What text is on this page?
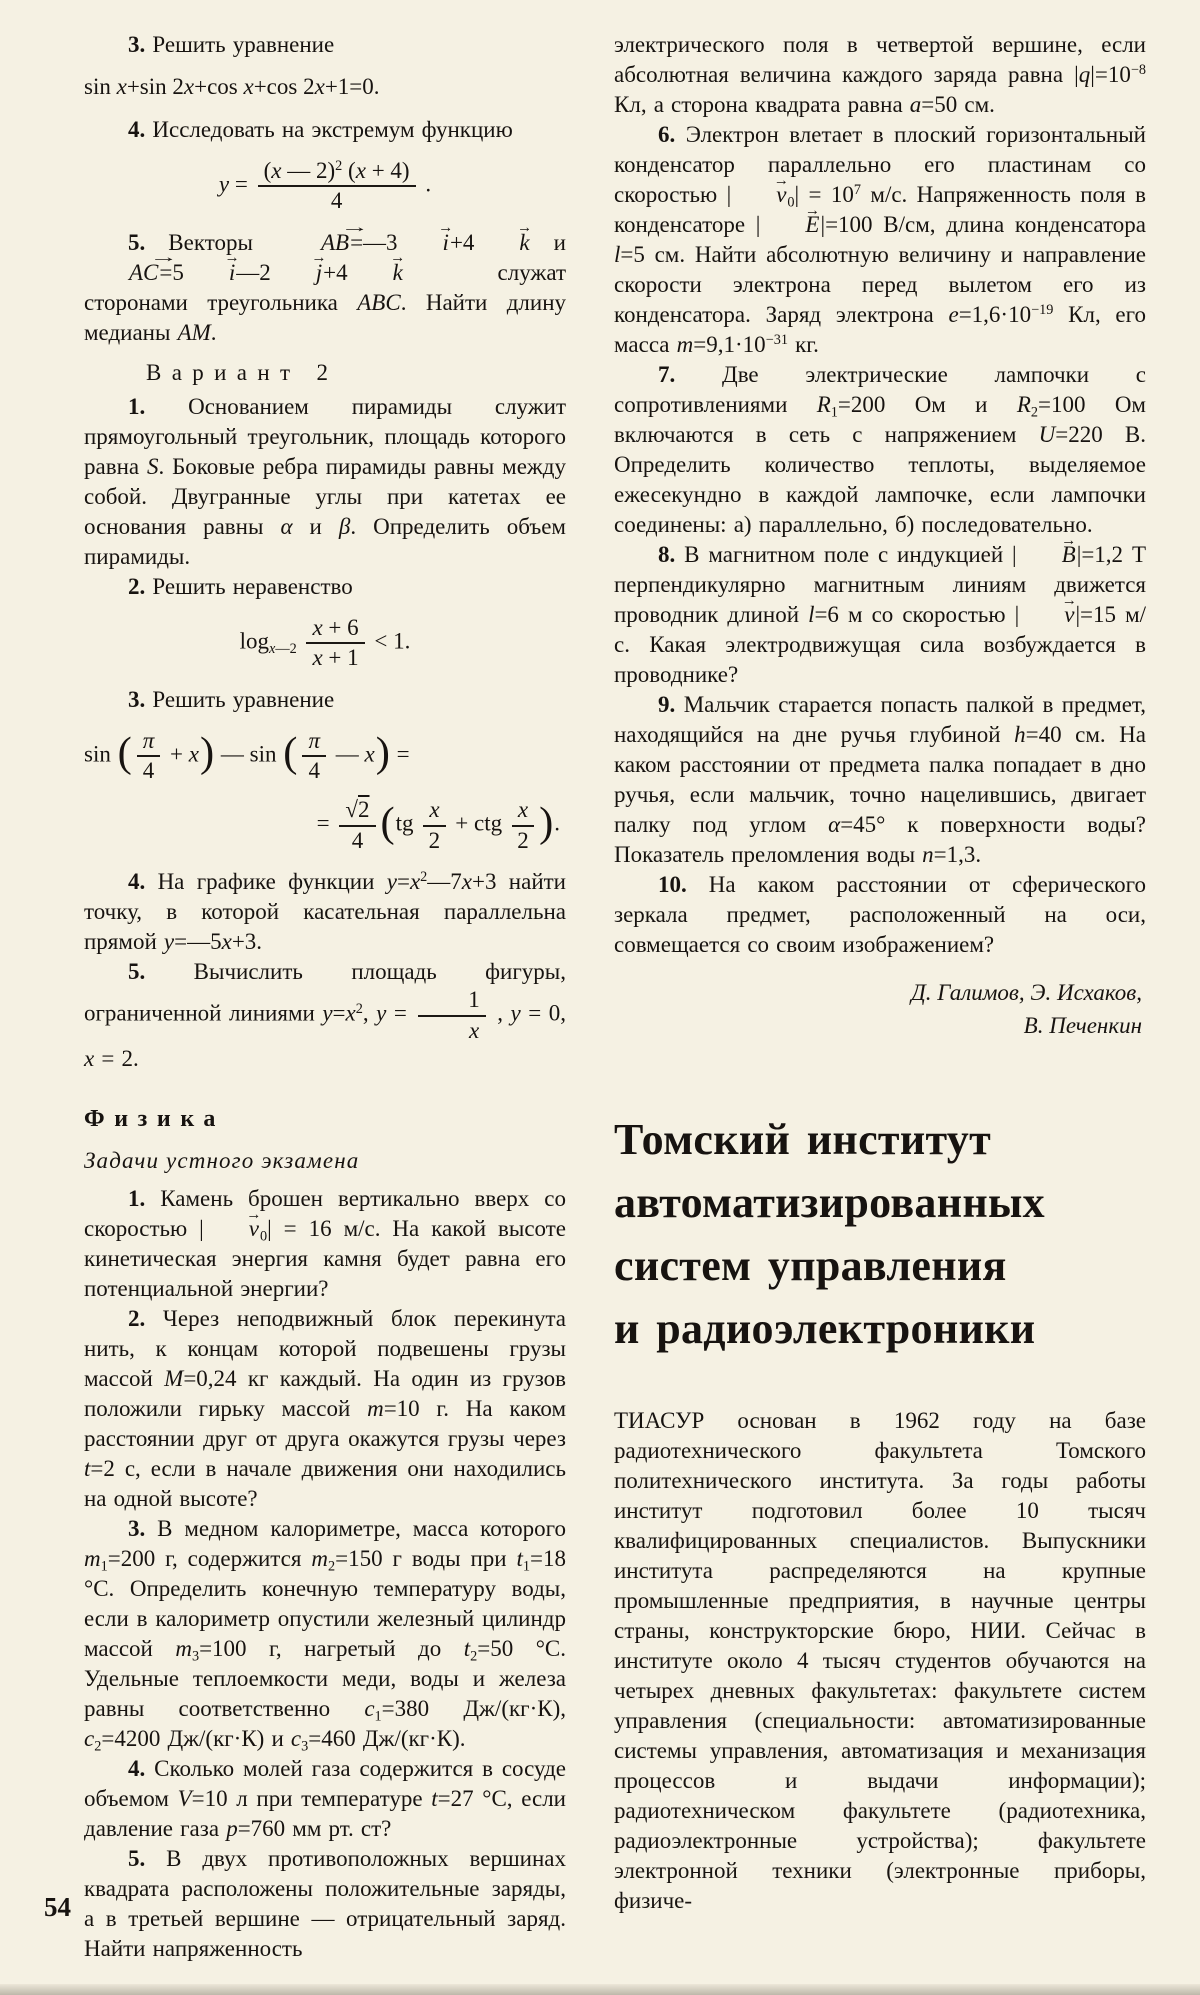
3. Решить уравнение

sin x+sin 2x+cos x+cos 2x+1=0.

4. Исследовать на экстремум функцию

$y = \frac{(x — 2)^2 (x + 4)}{4}$ .

5. Векторы AB →=—3 i →+4 k → и AC →=5 i →—2 j →+4 k → служат сторонами треугольника ABC. Найти длину медианы AM.

Вариант 2

1. Основанием пирамиды служит прямоугольный треугольник, площадь которого равна S. Боковые ребра пирамиды равны между собой. Двугранные углы при катетах ее основания равны α и β. Определить объем пирамиды.

2. Решить неравенство

$\log_{x—2} \frac{x + 6}{x + 1} < 1$.

3. Решить уравнение

sin ( $\frac{\pi}{4} + x$) — sin ( $\frac{\pi}{4}$ — x) =
= $\frac{√2}{4} (tg \frac{x}{2}$ + ctg $\frac{x}{2}$ ).

4. На графике функции $y=x^2—7x+3$ найти точку, в которой касательная параллельна прямой y=—5x+3.

5. Вычислить площадь фигуры, ограниченной линиями $y=x^2$, $y = \frac{1}{x}$ , y = 0, x = 2.

Физика
Задачи устного экзамена

1. Камень брошен вертикально вверх со скоростью | $v \to_0| = 16$ м/с. На какой высоте кинетическая энергия камня будет равна его потенциальной энергии?

2. Через неподвижный блок перекинута нить, к концам которой подвешены грузы массой M=0,24 кг каждый. На один из грузов положили гирьку массой m=10 г. На каком расстоянии друг от друга окажутся грузы через t=2 с, если в начале движения они находились на одной высоте?

3. В медном калориметре, масса которого $m_1=200$ г, содержится $m_2=150$ г воды при $t_1=18$ °C. Определить конечную температуру воды, если в калориметр опустили железный цилиндр массой $m_3=100$ г, нагретый до $t_2=50$ °C. Удельные теплоемкости меди, воды и железа равны соответственно $c_1=380$ Дж/(кг·К), $c_2=4200$ Дж/(кг·К) и $c_3=460$ Дж/(кг·К).

4. Сколько молей газа содержится в сосуде объемом V=10 л при температуре t=27 °C, если давление газа p=760 мм рт. ст?

5. В двух противоположных вершинах квадрата расположены положительные заряды, а в третьей вершине — отрицательный заряд. Найти напряженность

электрического поля в четвертой вершине, если абсолютная величина каждого заряда равна $|q|=10^{-8}$ Кл, а сторона квадрата равна a=50 см.

6. Электрон влетает в плоский горизонтальный конденсатор параллельно его пластинам со скоростью | $v \to_0| = 10^7$ м/с. Напряженность поля в конденсаторе | E →|=100 В/см, длина конденсатора l=5 см. Найти абсолютную величину и направление скорости электрона перед вылетом его из конденсатора. Заряд электрона $e=1,6\cdot 10^{-19}$ Кл, его масса $m=9,1\cdot 10^{-31}$ кг.

7. Две электрические лампочки с сопротивлениями $R_1=200$ Ом и $R_2=100$ Ом включаются в сеть с напряжением U=220 В. Определить количество теплоты, выделяемое ежесекундно в каждой лампочке, если лампочки соединены: а) параллельно, б) последовательно.

8. В магнитном поле с индукцией | B →|=1,2 Т перпендикулярно магнитным линиям движется проводник длиной l=6 м со скоростью | v →|=15 м/с. Какая электродвижущая сила возбуждается в проводнике?

9. Мальчик старается попасть палкой в предмет, находящийся на дне ручья глубиной h=40 см. На каком расстоянии от предмета палка попадает в дно ручья, если мальчик, точно нацелившись, двигает палку под углом α=45° к поверхности воды? Показатель преломления воды n=1,3.

10. На каком расстоянии от сферического зеркала предмет, расположенный на оси, совмещается со своим изображением?

Д. Галимов, Э. Исхаков,
В. Печенкин
Томский институт
автоматизированных
систем управления
и радиоэлектроники

ТИАСУР основан в 1962 году на базе радиотехнического факультета Томского политехнического института. За годы работы институт подготовил более 10 тысяч квалифицированных специалистов. Выпускники института распределяются на крупные промышленные предприятия, в научные центры страны, конструкторские бюро, НИИ. Сейчас в институте около 4 тысяч студентов обучаются на четырех дневных факультетах: факультете систем управления (специальности: автоматизированные системы управления, автоматизация и механизация процессов и выдачи информации); радиотехническом факультете (радиотехника, радиоэлектронные устройства); факультете электронной техники (электронные приборы, физиче-

54
